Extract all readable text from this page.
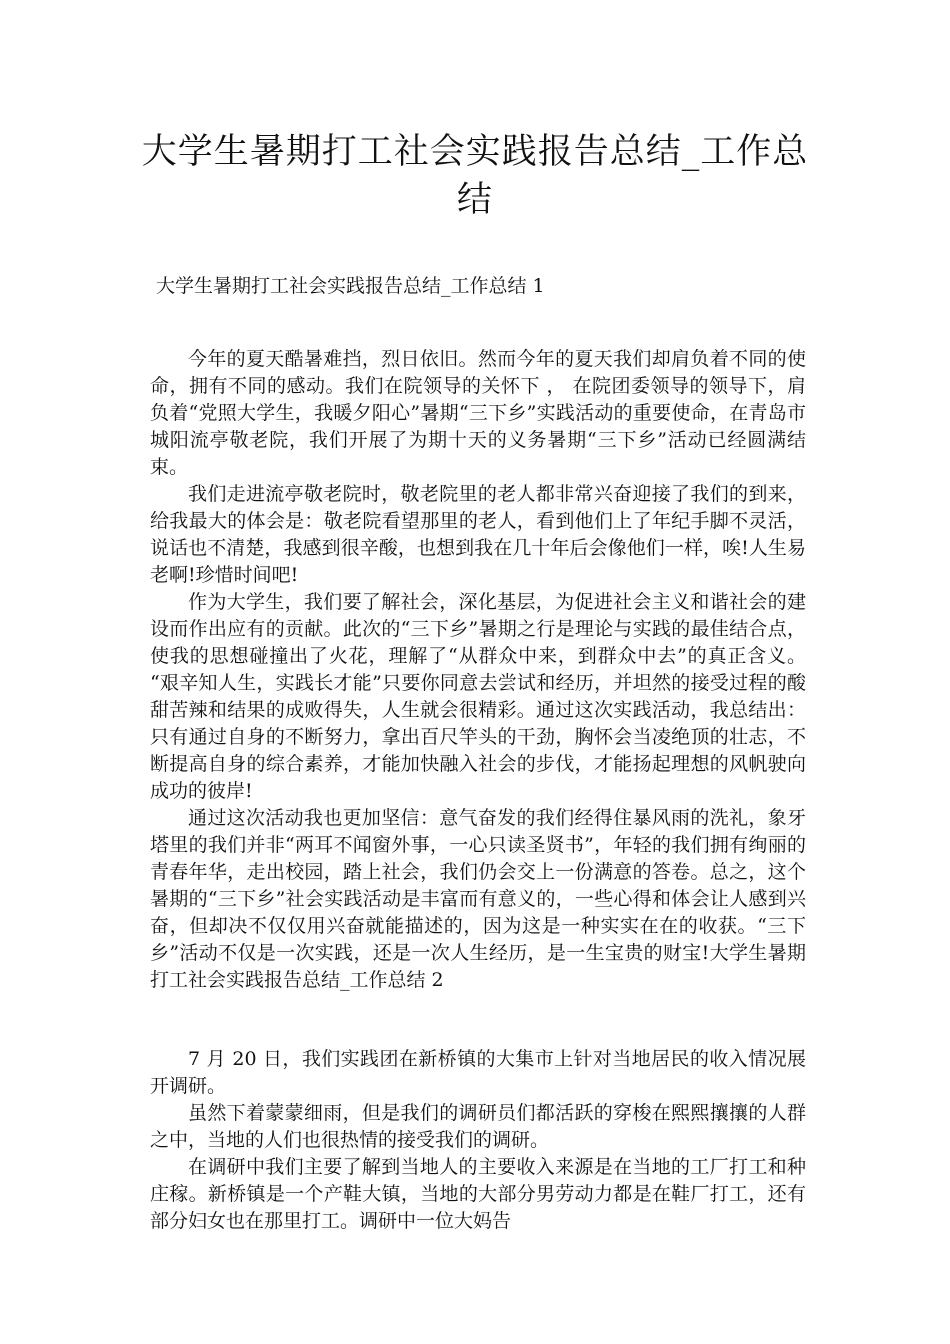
大学生暑期打工社会实践报告总结_工作总结
大学生暑期打工社会实践报告总结_工作总结 1

今年的夏天酷暑难挡，烈日依旧。然而今年的夏天我们却肩负着不同的使命，拥有不同的感动。我们在院领导的关怀下 ， 在院团委领导的领导下，肩负着“党照大学生，我暖夕阳心”暑期“三下乡”实践活动的重要使命，在青岛市城阳流亭敬老院，我们开展了为期十天的义务暑期“三下乡”活动已经圆满结束。

我们走进流亭敬老院时，敬老院里的老人都非常兴奋迎接了我们的到来，给我最大的体会是：敬老院看望那里的老人，看到他们上了年纪手脚不灵活，说话也不清楚，我感到很辛酸，也想到我在几十年后会像他们一样，唉!人生易老啊!珍惜时间吧!

作为大学生，我们要了解社会，深化基层，为促进社会主义和谐社会的建设而作出应有的贡献。此次的“三下乡”暑期之行是理论与实践的最佳结合点，使我的思想碰撞出了火花，理解了“从群众中来，到群众中去”的真正含义。 “艰辛知人生，实践长才能”只要你同意去尝试和经历，并坦然的接受过程的酸甜苦辣和结果的成败得失，人生就会很精彩。通过这次实践活动，我总结出：只有通过自身的不断努力，拿出百尺竿头的干劲，胸怀会当凌绝顶的壮志，不断提高自身的综合素养，才能加快融入社会的步伐，才能扬起理想的风帆驶向成功的彼岸!

通过这次活动我也更加坚信：意气奋发的我们经得住暴风雨的洗礼，象牙塔里的我们并非“两耳不闻窗外事，一心只读圣贤书”，年轻的我们拥有绚丽的青春年华，走出校园，踏上社会，我们仍会交上一份满意的答卷。总之，这个暑期的“三下乡”社会实践活动是丰富而有意义的，一些心得和体会让人感到兴奋，但却决不仅仅用兴奋就能描述的，因为这是一种实实在在的收获。“三下乡”活动不仅是一次实践，还是一次人生经历，是一生宝贵的财宝!大学生暑期打工社会实践报告总结_工作总结 2

7 月 20 日，我们实践团在新桥镇的大集市上针对当地居民的收入情况展开调研。

虽然下着蒙蒙细雨，但是我们的调研员们都活跃的穿梭在熙熙攘攘的人群之中，当地的人们也很热情的接受我们的调研。

在调研中我们主要了解到当地人的主要收入来源是在当地的工厂打工和种庄稼。新桥镇是一个产鞋大镇，当地的大部分男劳动力都是在鞋厂打工，还有部分妇女也在那里打工。调研中一位大妈告
